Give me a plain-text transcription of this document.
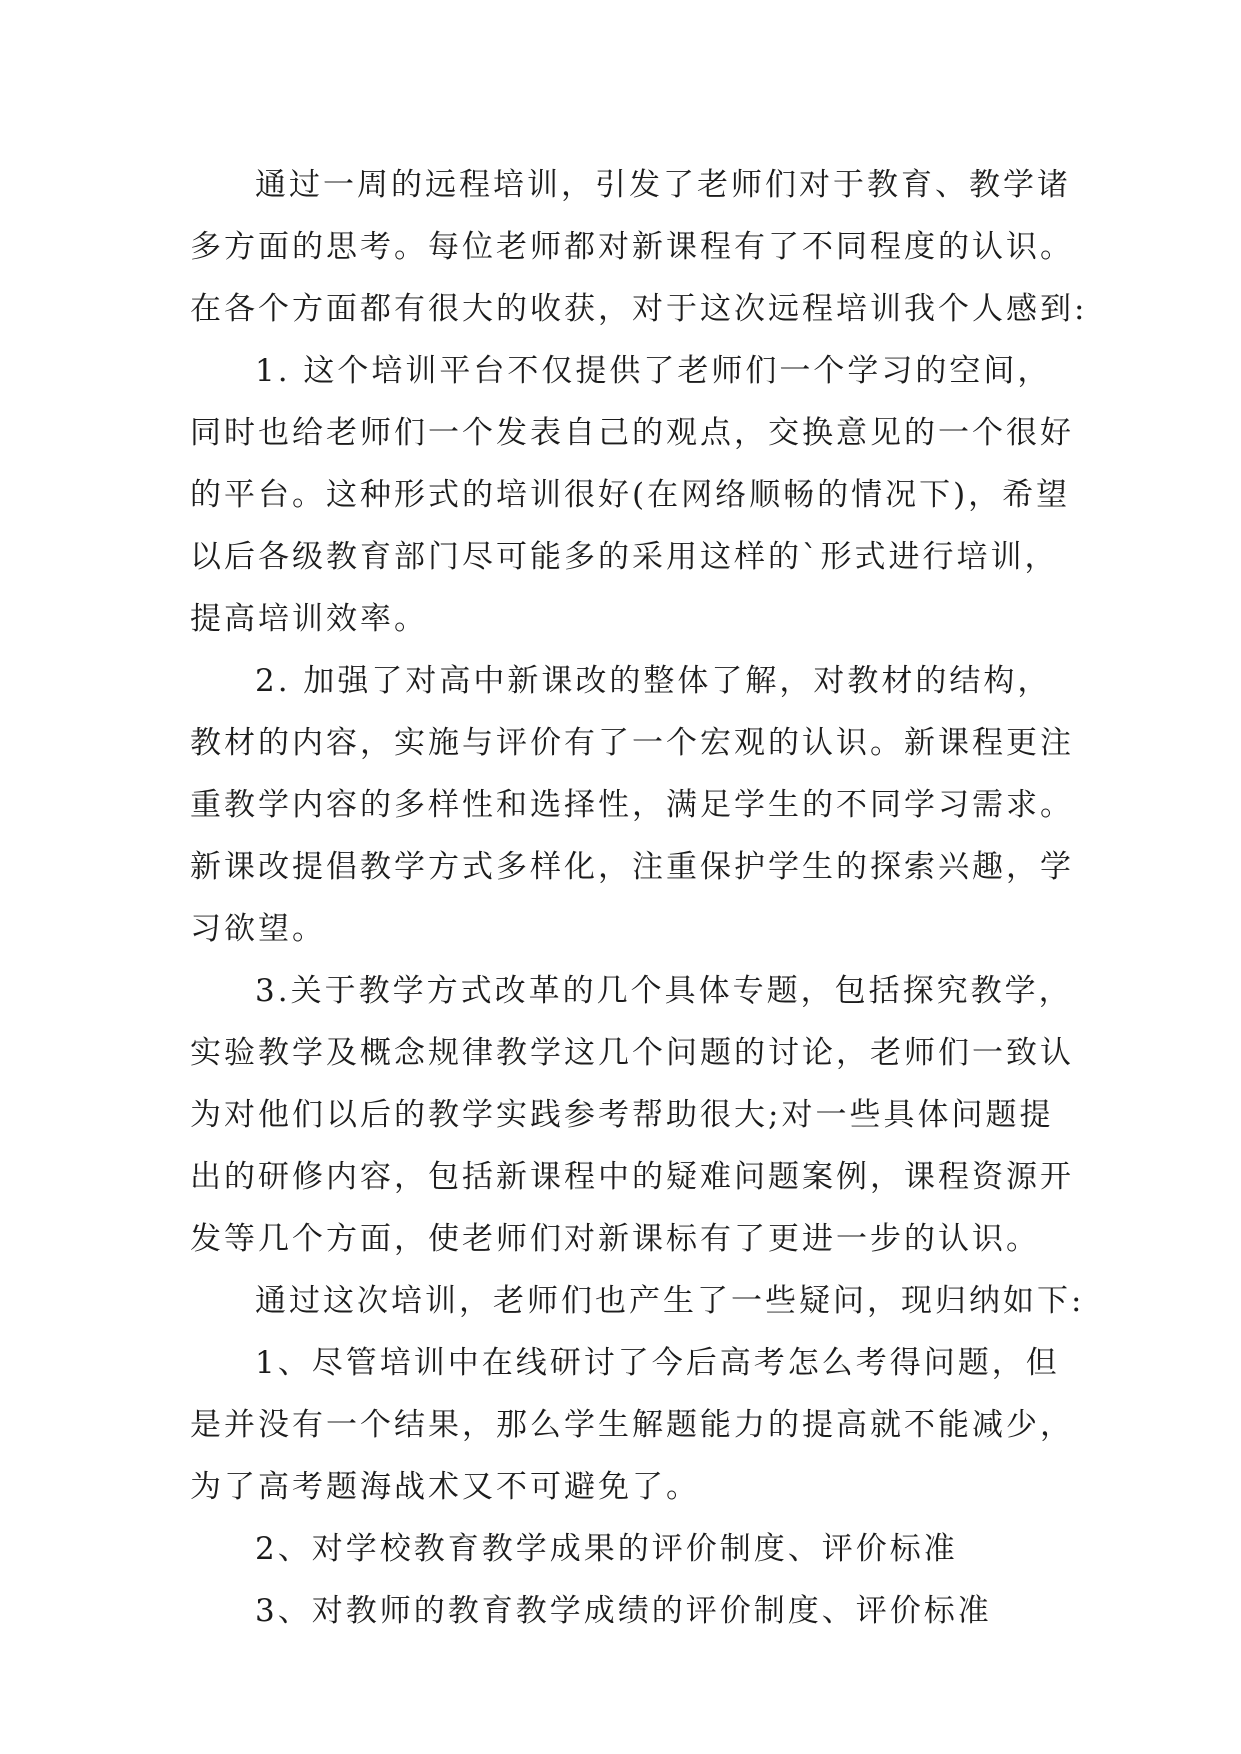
通过一周的远程培训，引发了老师们对于教育、教学诸

多方面的思考。每位老师都对新课程有了不同程度的认识。

在各个方面都有很大的收获，对于这次远程培训我个人感到:

1. 这个培训平台不仅提供了老师们一个学习的空间，

同时也给老师们一个发表自己的观点，交换意见的一个很好

的平台。这种形式的培训很好(在网络顺畅的情况下)，希望

以后各级教育部门尽可能多的采用这样的`形式进行培训，

提高培训效率。

2. 加强了对高中新课改的整体了解，对教材的结构，

教材的内容，实施与评价有了一个宏观的认识。新课程更注

重教学内容的多样性和选择性，满足学生的不同学习需求。

新课改提倡教学方式多样化，注重保护学生的探索兴趣，学

习欲望。

3.关于教学方式改革的几个具体专题，包括探究教学，

实验教学及概念规律教学这几个问题的讨论，老师们一致认

为对他们以后的教学实践参考帮助很大;对一些具体问题提

出的研修内容，包括新课程中的疑难问题案例，课程资源开

发等几个方面，使老师们对新课标有了更进一步的认识。

通过这次培训，老师们也产生了一些疑问，现归纳如下:

1、尽管培训中在线研讨了今后高考怎么考得问题，但

是并没有一个结果，那么学生解题能力的提高就不能减少，

为了高考题海战术又不可避免了。

2、对学校教育教学成果的评价制度、评价标准

3、对教师的教育教学成绩的评价制度、评价标准
